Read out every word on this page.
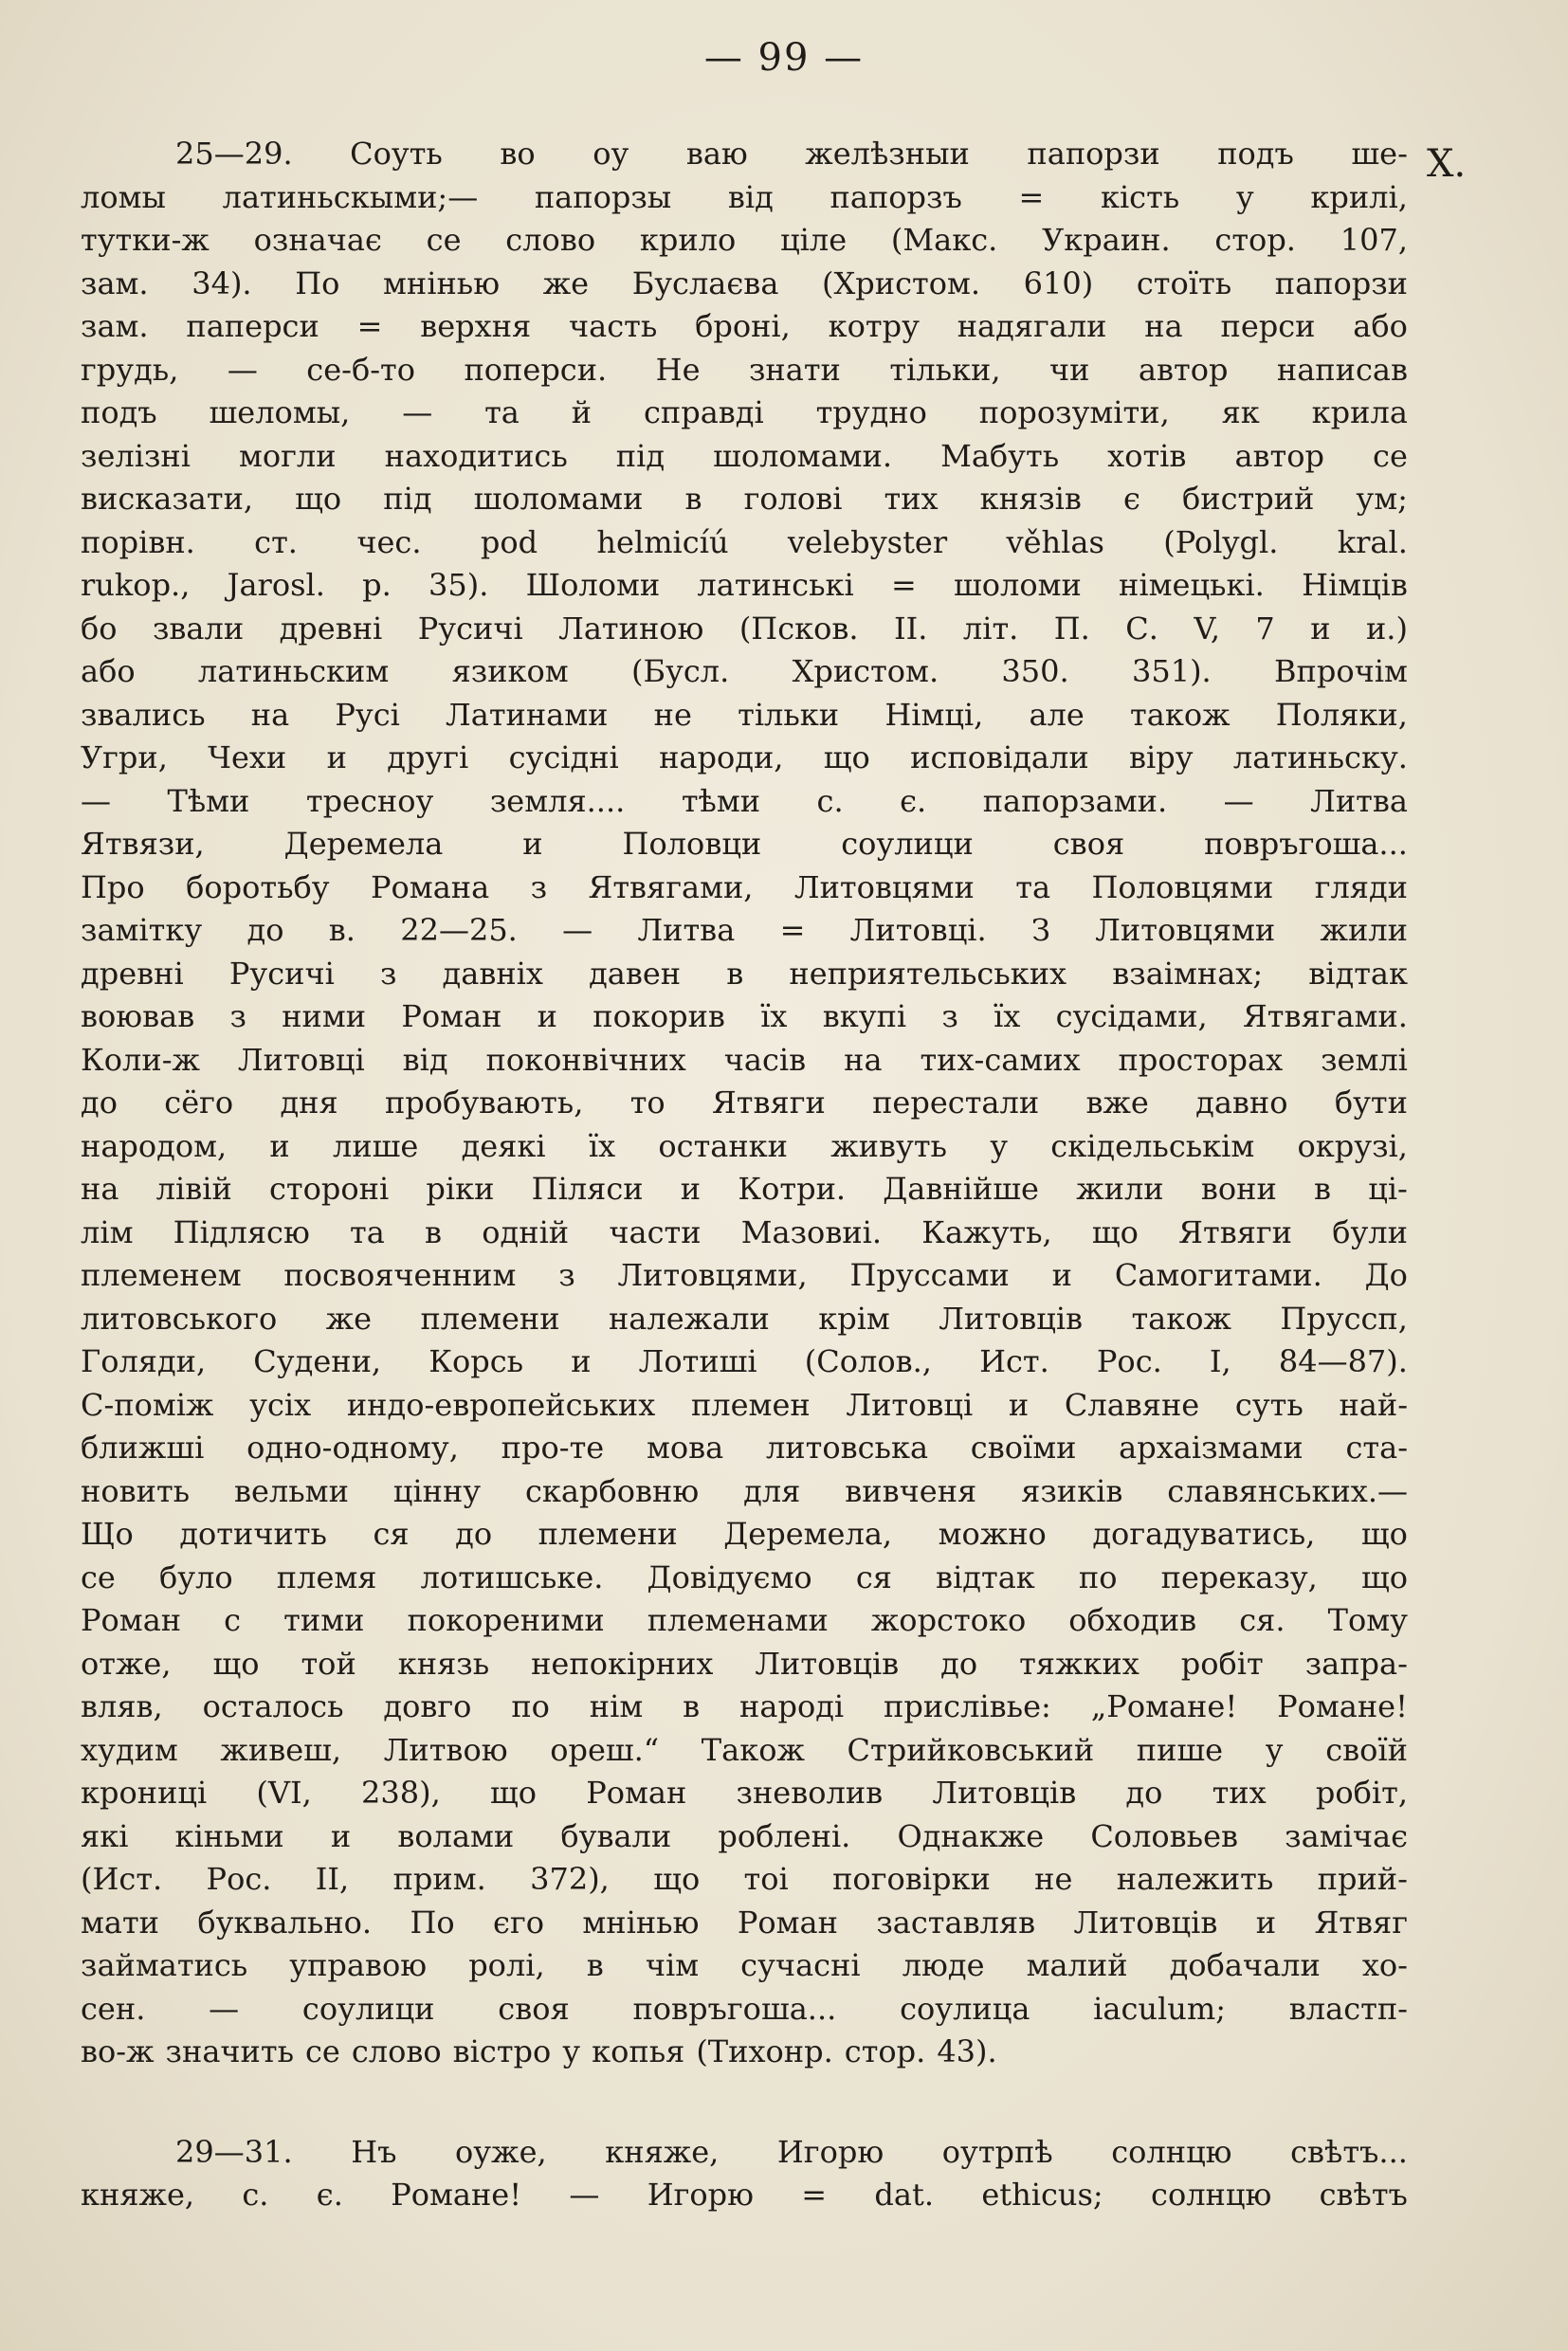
— 99 —
X.
25—29. Соуть во оу ваю желѣзныи папорзи подъ ше-
ломы латиньскыми;— папорзы від папорзъ = кість у крилі,
тутки-ж означає се слово крило ціле (Макс. Украин. стор. 107,
зам. 34). По мнінью же Буслаєва (Христом. 610) стоїть папорзи
зам. паперси = верхня часть броні, котру надягали на перси або
грудь, — се-б-то поперси. Не знати тільки, чи автор написав
подъ шеломы, — та й справді трудно порозуміти, як крила
зелізні могли находитись під шоломами. Мабуть хотів автор се
висказати, що під шоломами в голові тих князів є бистрий ум;
порівн. ст. чес. pod helmicíú velebyster věhlas (Polygl. kral.
rukop., Jarosl. p. 35). Шоломи латинські = шоломи німецькі. Німців
бо звали древні Русичі Латиною (Псков. II. літ. П. С. V, 7 и и.)
або латиньским язиком (Бусл. Христом. 350. 351). Впрочім
звались на Русі Латинами не тільки Німці, але також Поляки,
Угри, Чехи и другі сусідні народи, що исповідали віру латиньску.
— Тѣми тресноу земля.... тѣми с. є. папорзами. — Литва
Ятвязи,	Деремела	и	Половци	соулици	своя	повръгоша...
Про боротьбу Романа з Ятвягами, Литовцями та Половцями гляди
замітку до в. 22—25. — Литва = Литовці. З Литовцями жили
древні Русичі з давніх давен в неприятельських взаімнах; відтак
воював з ними Роман и покорив їх вкупі з їх сусідами, Ятвягами.
Коли-ж Литовці від поконвічних часів на тих-самих просторах землі
до сёго дня пробувають, то Ятвяги перестали вже давно бути
народом, и лише деякі їх останки живуть у скідельськім окрузі,
на лівій стороні ріки Піляси и Котри. Давнійше жили вони в ці-
лім Підлясю та в одній части Мазовиі. Кажуть, що Ятвяги були
племенем посвояченним з Литовцями, Пруссами и Самогитами. До
литовського же племени належали крім Литовців також Пруссп,
Голяди, Судени, Корсь и Лотиші (Солов., Ист. Рос. I, 84—87).
С-поміж усіх индо-европейських племен Литовці и Славяне суть най-
ближші одно-одному, про-те мова литовська своїми архаізмами ста-
новить вельми цінну скарбовню для вивченя язиків славянських.—
Що дотичить ся до племени Деремела, можно догадуватись, що
се було племя лотишське. Довідуємо ся відтак по переказу, що
Роман с тими покореними племенами жорстоко обходив ся. Тому
отже, що той князь непокірних Литовців до тяжких робіт запра-
вляв, осталось довго по нім в народі приcлівье: „Романе! Романе!
худим живеш, Литвою ореш.“ Також Стрийковський пише у своїй
крониці (VI, 238), що Роман зневолив Литовців до тих робіт,
які кіньми и волами бували роблені. Однакже Соловьев замічає
(Ист. Рос. II, прим. 372), що тоі поговірки не належить прий-
мати буквально. По єго мнінью Роман заставляв Литовців и Ятвяг
займатись управою ролі, в чім сучасні люде малий добачали хо-
сен. — соулици своя повръгоша... соулица iaculum; властп-
во-ж значить се слово вістро у копья (Тихонр. стор. 43).
29—31. Нъ оуже, княже, Игорю оутрпѣ солнцю свѣтъ...
княже, с. є. Романе! — Игорю = dat. ethicus; солнцю свѣтъ
